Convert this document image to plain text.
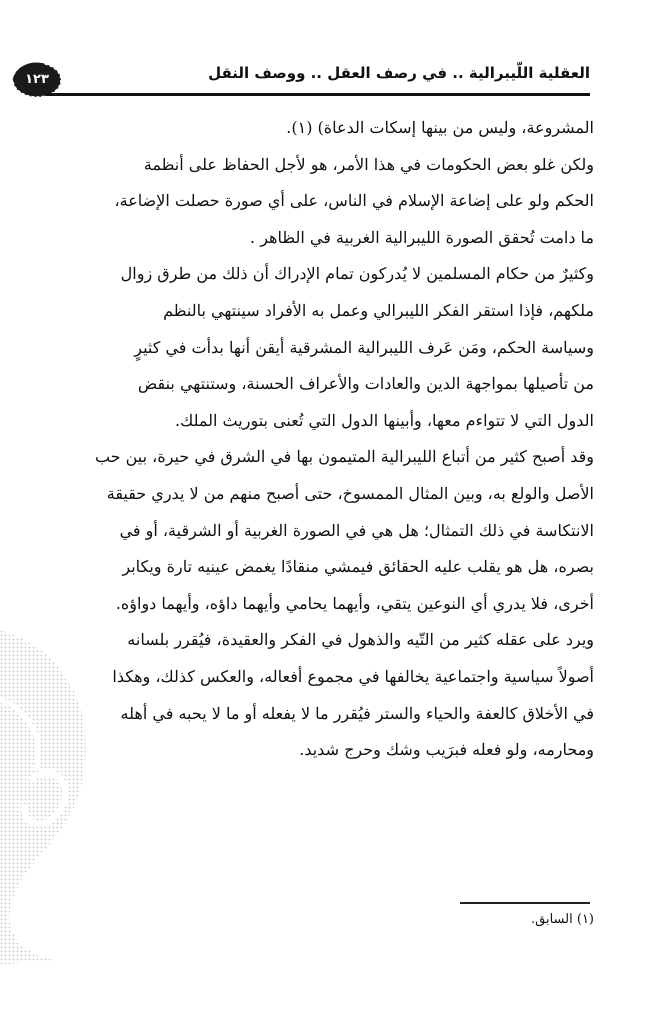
١٢٣	العقلية اللّيبرالية .. في رصف العقل .. ووصف النقل
المشروعة، وليس من بينها إسكات الدعاة) (١).
ولكن غلو بعض الحكومات في هذا الأمر، هو لأجل الحفاظ على أنظمة
الحكم ولو على إضاعة الإسلام في الناس، على أي صورة حصلت الإضاعة،
ما دامت تُحقق الصورة الليبرالية الغربية في الظاهر .
وكثيرٌ من حكام المسلمين لا يُدركون تمام الإدراك أن ذلك من طرق زوال
ملكهم، فإذا استقر الفكر الليبرالي وعمل به الأفراد سينتهي بالنظم
وسياسة الحكم، ومَن عَرف الليبرالية المشرقية أيقن أنها بدأت في كثيرٍ
من تأصيلها بمواجهة الدين والعادات والأعراف الحسنة، وستنتهي بنقض
الدول التي لا تتواءم معها، وأبينها الدول التي تُعنى بتوريث الملك.
وقد أصبح كثير من أتباع الليبرالية المتيمون بها في الشرق في حيرة، بين حب
الأصل والولع به، وبين المثال الممسوخ، حتى أصبح منهم من لا يدري حقيقة
الانتكاسة في ذلك التمثال؛ هل هي في الصورة الغربية أو الشرقية، أو في
بصره، هل هو يقلب عليه الحقائق فيمشي منقادًا يغمض عينيه تارة ويكابر
أخرى، فلا يدري أي النوعين يتقي، وأيهما يحامي وأيهما داؤه، وأيهما دواؤه.
ويرد على عقله كثير من التّيه والذهول في الفكر والعقيدة، فيُقرر بلسانه
أصولاً سياسية واجتماعية يخالفها في مجموع أفعاله، والعكس كذلك، وهكذا
في الأخلاق كالعفة والحياء والستر فيُقرر ما لا يفعله أو ما لا يحبه في أهله
ومحارمه، ولو فعله فبرَيب وشك وحرج شديد.
(١) السابق.
